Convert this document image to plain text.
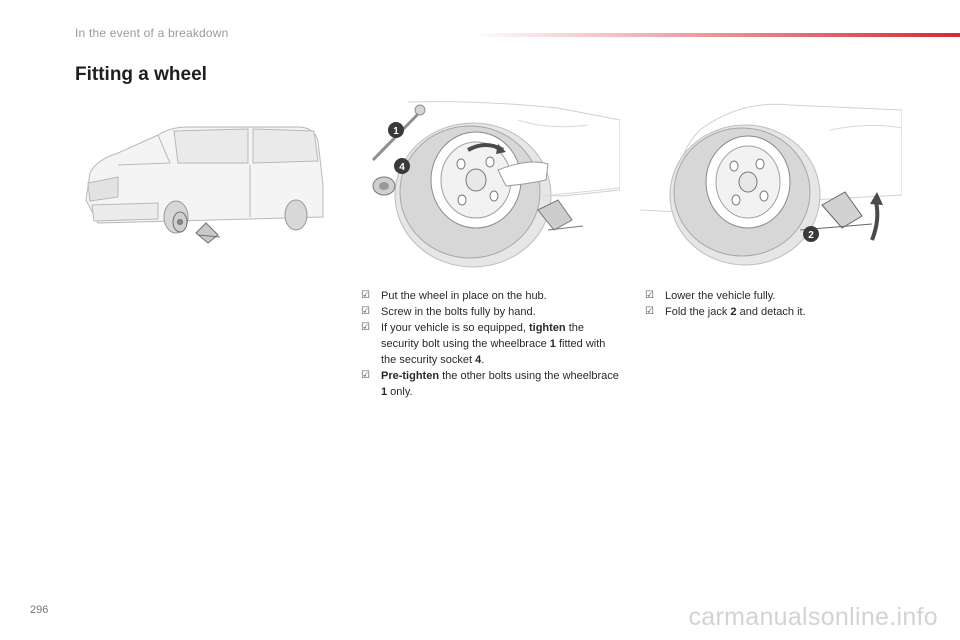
In the event of a breakdown
Fitting a wheel
1
4
2
☑ Put the wheel in place on the hub.
☑ Screw in the bolts fully by hand.
☑ If your vehicle is so equipped, tighten the security bolt using the wheelbrace 1 fitted with the security socket 4.
☑ Pre-tighten the other bolts using the wheelbrace 1 only.
☑ Lower the vehicle fully.
☑ Fold the jack 2 and detach it.
296	carmanualsonline.info
